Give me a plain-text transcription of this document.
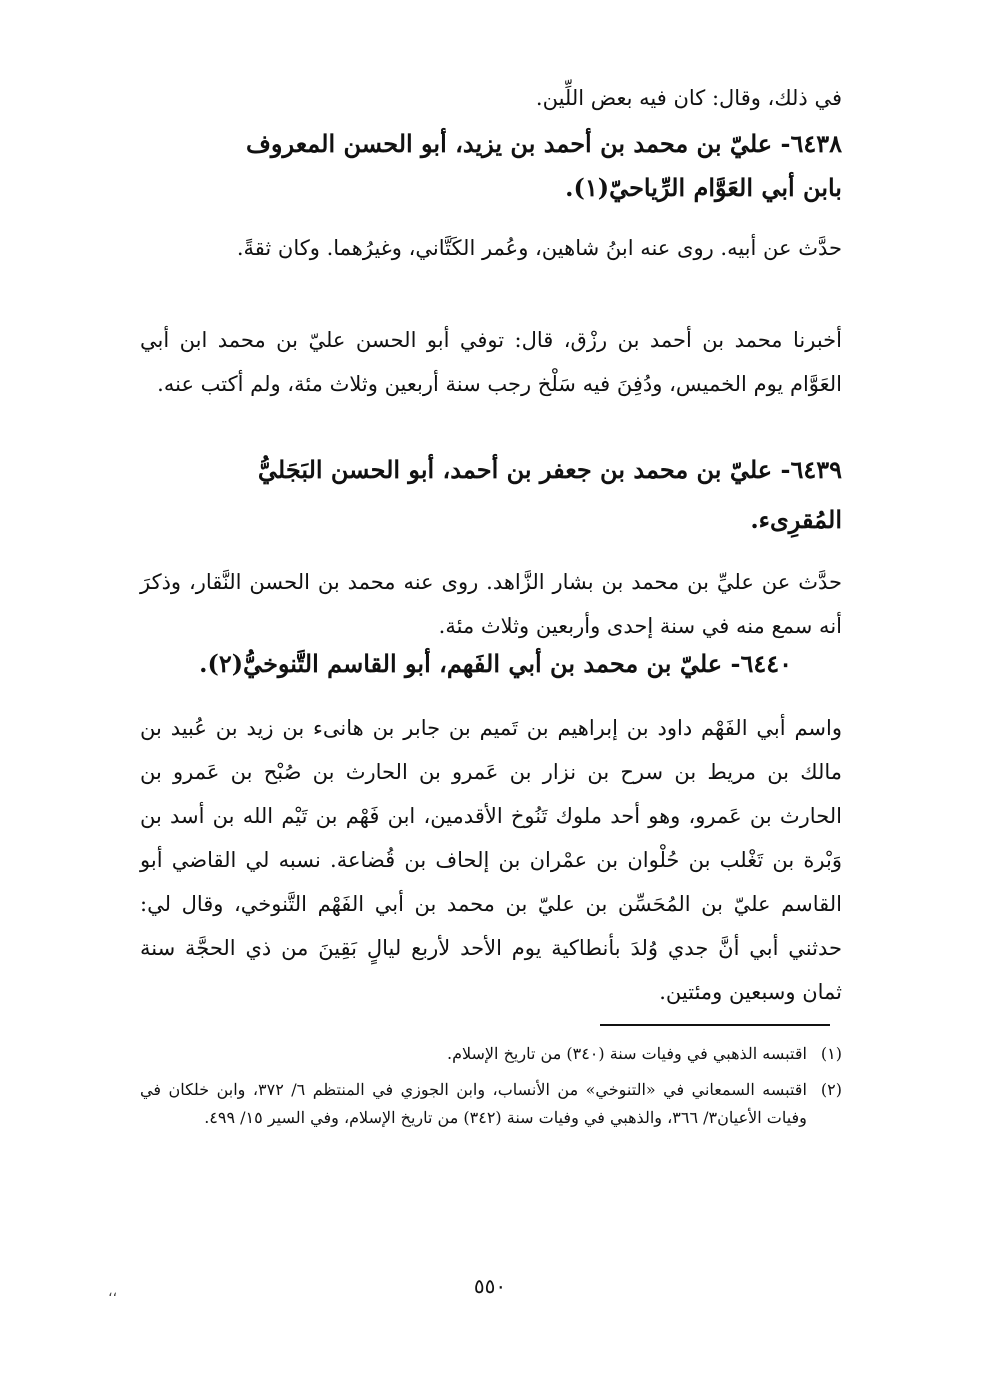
في ذلك، وقال: كان فيه بعض اللِّين.
٦٤٣٨- عليّ بن محمد بن أحمد بن يزيد، أبو الحسن المعروف
بابن أبي العَوَّام الرِّياحيّ(١).
حدَّث عن أبيه. روى عنه ابنُ شاهين، وعُمر الكَتَّاني، وغيرُهما. وكان ثقةً.
أخبرنا محمد بن أحمد بن رزْق، قال: توفي أبو الحسن عليّ بن محمد ابن أبي العَوَّام يوم الخميس، ودُفِنَ فيه سَلْخ رجب سنة أربعين وثلاث مئة، ولم أكتب عنه.
٦٤٣٩- عليّ بن محمد بن جعفر بن أحمد، أبو الحسن البَجَليُّ
المُقرِىء.
حدَّث عن عليِّ بن محمد بن بشار الزَّاهد. روى عنه محمد بن الحسن النَّقار، وذكرَ أنه سمع منه في سنة إحدى وأربعين وثلاث مئة.
٦٤٤٠- عليّ بن محمد بن أبي الفَهم، أبو القاسم التَّنوخيُّ(٢).
واسم أبي الفَهْم داود بن إبراهيم بن تَميم بن جابر بن هانىء بن زيد بن عُبيد بن مالك بن مريط بن سرح بن نزار بن عَمرو بن الحارث بن صُبْح بن عَمرو بن الحارث بن عَمرو، وهو أحد ملوك تَنُوخ الأقدمين، ابن فَهْم بن تَيْم الله بن أسد بن وَبْرة بن تَغْلب بن حُلْوان بن عمْران بن إلحاف بن قُضاعة. نسبه لي القاضي أبو القاسم عليّ بن المُحَسِّن بن عليّ بن محمد بن أبي الفَهْم التَّنوخي، وقال لي: حدثني أبي أنَّ جدي وُلدَ بأنطاكية يوم الأحد لأربع ليالٍ بَقِينَ من ذي الحجَّة سنة ثمان وسبعين ومئتين.
(١)
اقتبسه الذهبي في وفيات سنة (٣٤٠) من تاريخ الإسلام.
(٢)
اقتبسه السمعاني في «التنوخي» من الأنساب، وابن الجوزي في المنتظم ٦/ ٣٧٢، وابن خلكان في وفيات الأعيان٣/ ٣٦٦، والذهبي في وفيات سنة (٣٤٢) من تاريخ الإسلام، وفي السير ١٥/ ٤٩٩.
٥٥٠
،،
